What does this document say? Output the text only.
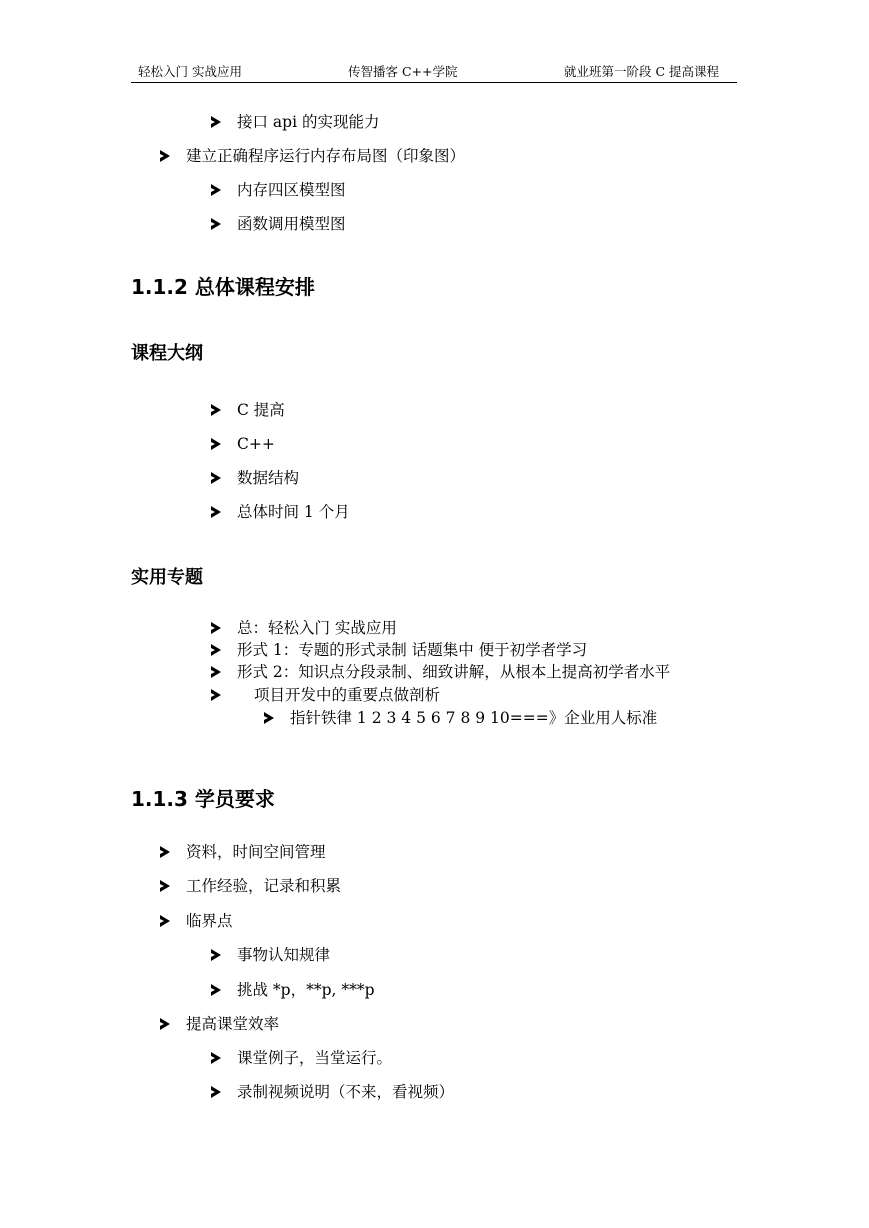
轻松入门 实战应用	传智播客 C++学院	就业班第一阶段 C 提高课程
接口 api 的实现能力
建立正确程序运行内存布局图（印象图）
内存四区模型图
函数调用模型图
1.1.2 总体课程安排
课程大纲
C 提高
C++
数据结构
总体时间 1 个月
实用专题
总：轻松入门 实战应用
形式 1：专题的形式录制 话题集中 便于初学者学习
形式 2：知识点分段录制、细致讲解，从根本上提高初学者水平
项目开发中的重要点做剖析
指针铁律 1 2 3 4 5 6 7 8 9 10===》企业用人标准
1.1.3 学员要求
资料，时间空间管理
工作经验，记录和积累
临界点
事物认知规律
挑战 *p，**p, ***p
提高课堂效率
课堂例子，当堂运行。
录制视频说明（不来，看视频）
